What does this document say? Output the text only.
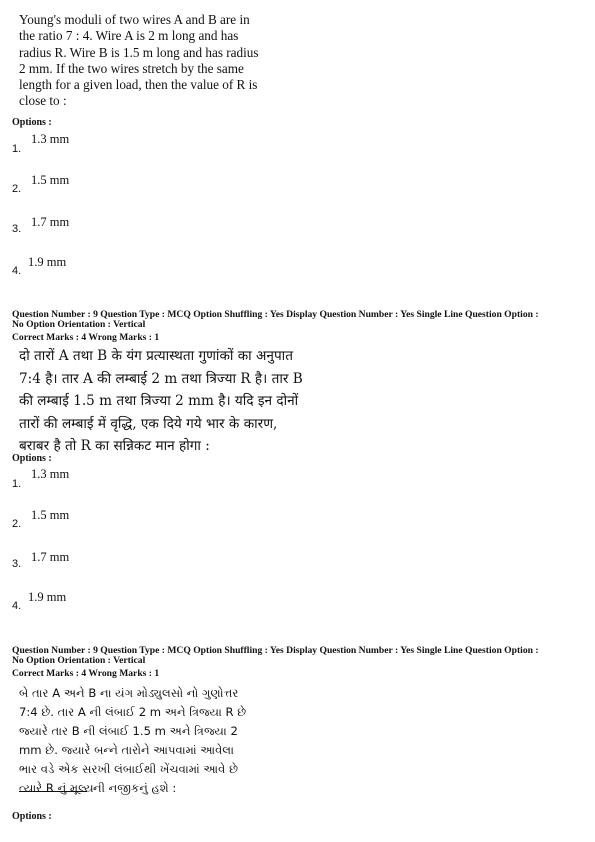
Young's moduli of two wires A and B are in the ratio 7 : 4. Wire A is 2 m long and has radius R. Wire B is 1.5 m long and has radius 2 mm. If the two wires stretch by the same length for a given load, then the value of R is close to :
Options :
1.3 mm
1.
1.5 mm
2.
1.7 mm
3.
1.9 mm
4.
Question Number : 9 Question Type : MCQ Option Shuffling : Yes Display Question Number : Yes Single Line Question Option :
No Option Orientation : Vertical
Correct Marks : 4 Wrong Marks : 1
दो तारों A तथा B के यंग प्रत्यास्थता गुणांकों का अनुपात 7:4 है। तार A की लम्बाई 2 m तथा त्रिज्या R है। तार B की लम्बाई 1.5 m तथा त्रिज्या 2 mm है। यदि इन दोनों तारों की लम्बाई में वृद्धि, एक दिये गये भार के कारण, बराबर है तो R का सन्निकट मान होगा :
Options :
1.3 mm
1.
1.5 mm
2.
1.7 mm
3.
1.9 mm
4.
Question Number : 9 Question Type : MCQ Option Shuffling : Yes Display Question Number : Yes Single Line Question Option :
No Option Orientation : Vertical
Correct Marks : 4 Wrong Marks : 1
બે તાર A અને B ના યંગ મોડ્યુલસો નો ગુણોત્તર 7:4 છે. તાર A ની લંબાઈ 2 m અને ત્રિજ્યા R છે જ્યારે તાર B ની લંબાઈ 1.5 m અને ત્રિજ્યા 2 mm છે. જ્યારે બન્ને તારોને આપવામાં આવેલા ભાર વડે એક સરખી લંબાઈથી ખેંચવામાં આવે છે ત્યારે R નું મૂલ્ય ની નજીકનું હશે :
Options :
